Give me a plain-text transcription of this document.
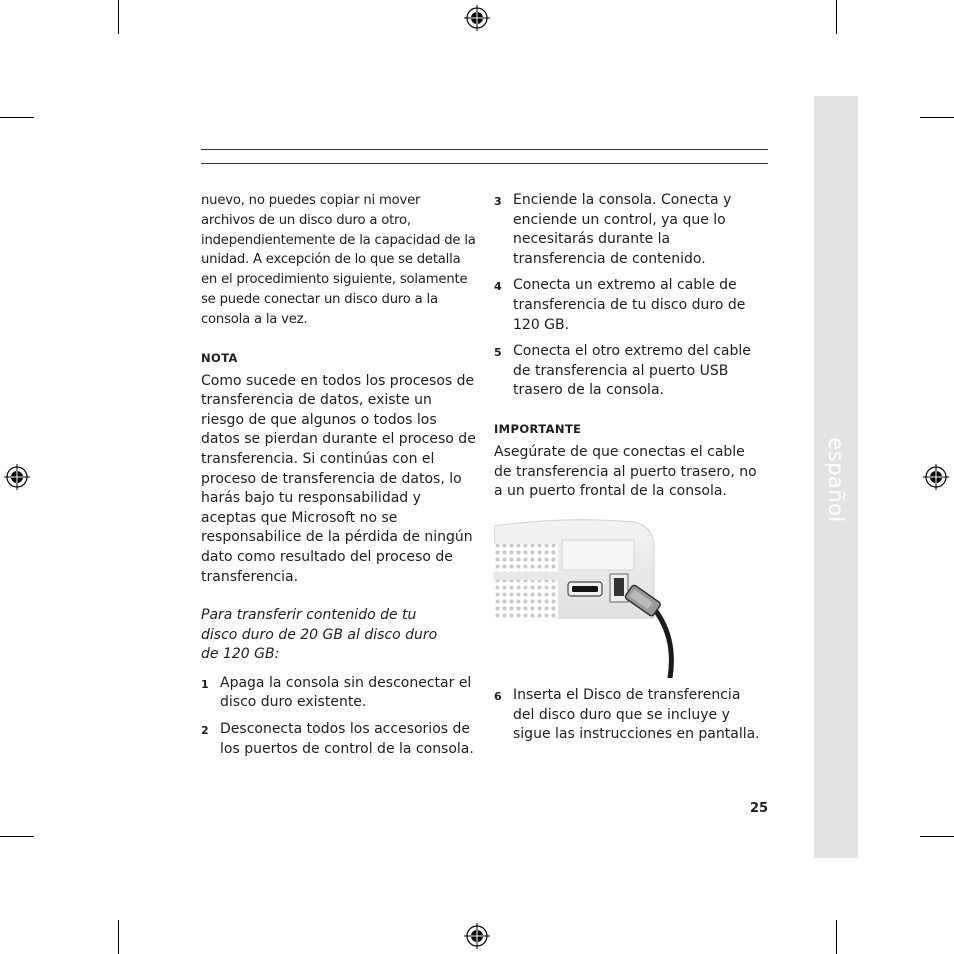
español

nuevo, no puedes copiar ni mover archivos de un disco duro a otro, independientemente de la capacidad de la unidad. A excepción de lo que se detalla en el procedimiento siguiente, solamente se puede conectar un disco duro a la consola a la vez.

NOTA

Como sucede en todos los procesos de transferencia de datos, existe un riesgo de que algunos o todos los datos se pierdan durante el proceso de transferencia. Si continúas con el proceso de transferencia de datos, lo harás bajo tu responsabilidad y aceptas que Microsoft no se responsabilice de la pérdida de ningún dato como resultado del proceso de transferencia.

Para transferir contenido de tu disco duro de 20 GB al disco duro de 120 GB:

1 Apaga la consola sin desconectar el disco duro existente.
2 Desconecta todos los accesorios de los puertos de control de la consola.
3 Enciende la consola. Conecta y enciende un control, ya que lo necesitarás durante la transferencia de contenido.
4 Conecta un extremo al cable de transferencia de tu disco duro de 120 GB.
5 Conecta el otro extremo del cable de transferencia al puerto USB trasero de la consola.

IMPORTANTE

Asegúrate de que conectas el cable de transferencia al puerto trasero, no a un puerto frontal de la consola.

6 Inserta el Disco de transferencia del disco duro que se incluye y sigue las instrucciones en pantalla.
25
